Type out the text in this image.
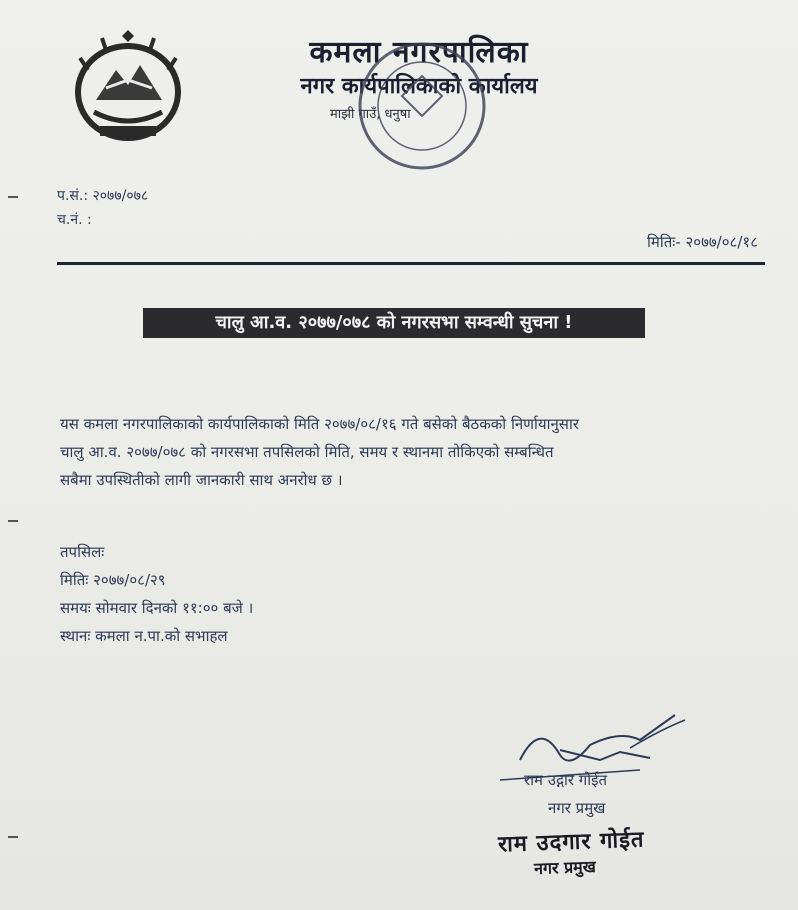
कमला नगरपालिका
नगर कार्यपालिकाको कार्यालय
माझी गाउँ, धनुषा
प.सं.: २०७७/०७८
च.नं. :
मितिः- २०७७/०८/१८
चालु आ.व. २०७७/०७८ को नगरसभा सम्वन्धी सुचना !

यस कमला नगरपालिकाको कार्यपालिकाको मिति २०७७/०८/१६ गते बसेको बैठकको निर्णायानुसार

चालु आ.व. २०७७/०७८ को नगरसभा तपसिलको मिति, समय र स्थानमा तोकिएको सम्बन्धित

सबैमा उपस्थितीको लागी जानकारी साथ अनरोध छ ।

तपसिलः
मितिः २०७७/०८/२९
समयः सोमवार दिनको ११:०० बजे ।
स्थानः कमला न.पा.को सभाहल
राम उद्गार गोईत
नगर प्रमुख
राम उदगार गोईत
नगर प्रमुख
